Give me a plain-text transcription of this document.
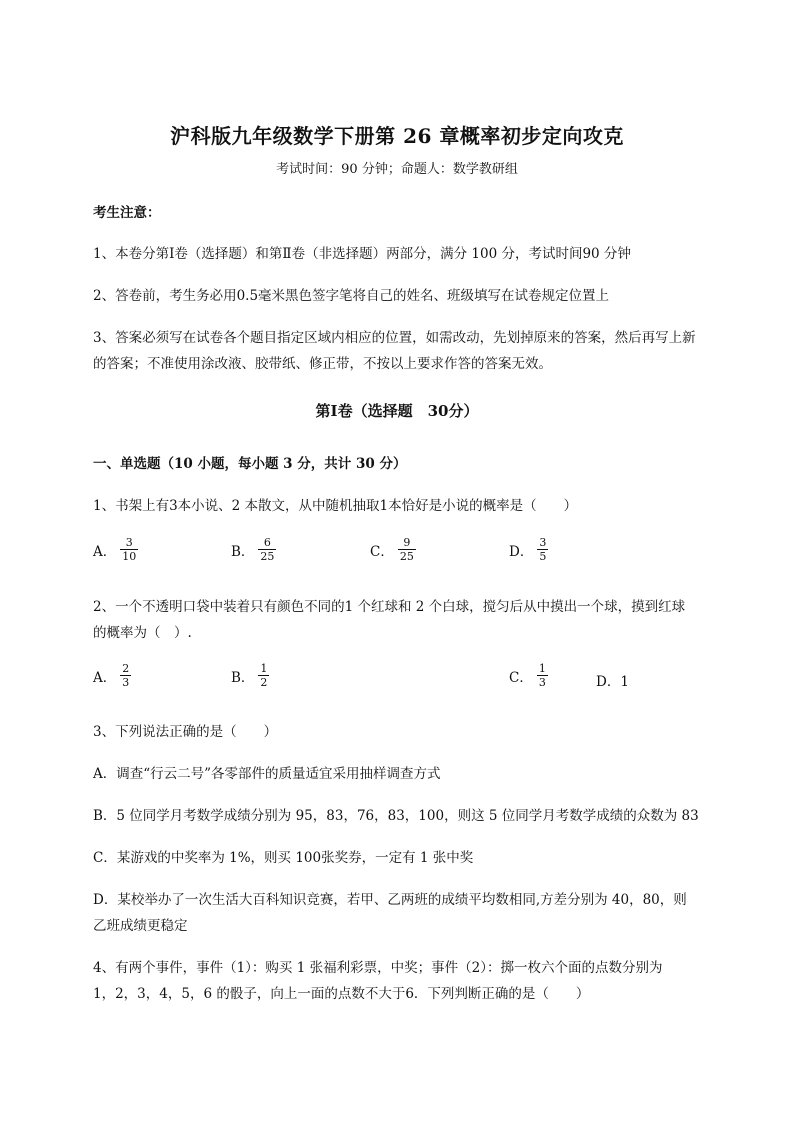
沪科版九年级数学下册第 26 章概率初步定向攻克
考试时间：90 分钟；命题人：数学教研组
考生注意：
1、本卷分第Ⅰ卷（选择题）和第Ⅱ卷（非选择题）两部分，满分 100 分，考试时间90 分钟
2、答卷前，考生务必用0.5毫米黑色签字笔将自己的姓名、班级填写在试卷规定位置上
3、答案必须写在试卷各个题目指定区域内相应的位置，如需改动，先划掉原来的答案，然后再写上新
的答案；不准使用涂改液、胶带纸、修正带，不按以上要求作答的答案无效。
第Ⅰ卷（选择题　30分）
一、单选题（10 小题，每小题 3 分，共计 30 分）
1、书架上有3本小说、2 本散文，从中随机抽取1本恰好是小说的概率是（　　）
A． $\frac{3}{10}$	B． $\frac{6}{25}$	C． $\frac{9}{25}$	D． $\frac{3}{5}$
2、一个不透明口袋中装着只有颜色不同的1 个红球和 2 个白球，搅匀后从中摸出一个球，摸到红球
的概率为（　）.
A． $\frac{2}{3}$	B． $\frac{1}{2}$	C． $\frac{1}{3}$	D．1
3、下列说法正确的是（　　）
A．调查“行云二号”各零部件的质量适宜采用抽样调查方式
B．5 位同学月考数学成绩分别为 95，83，76，83，100，则这 5 位同学月考数学成绩的众数为 83
C．某游戏的中奖率为 1%，则买 100张奖券，一定有 1 张中奖
D．某校举办了一次生活大百科知识竞赛，若甲、乙两班的成绩平均数相同,方差分别为 40，80，则
乙班成绩更稳定
4、有两个事件，事件（1）：购买 1 张福利彩票，中奖；事件（2）：掷一枚六个面的点数分别为
1，2，3，4，5，6 的骰子，向上一面的点数不大于6．下列判断正确的是（　　）
